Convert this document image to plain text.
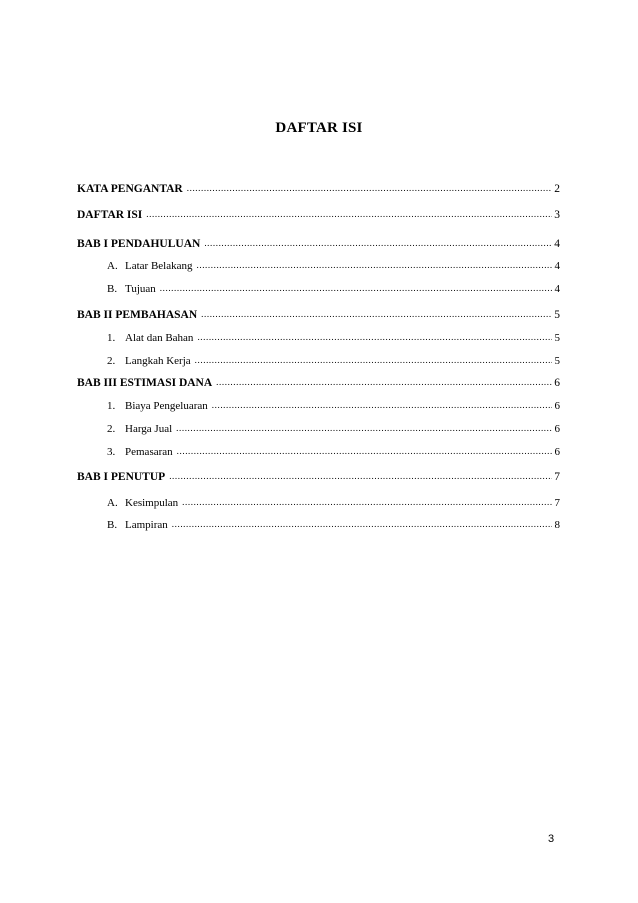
DAFTAR ISI
KATA PENGANTAR .....	2
DAFTAR ISI .....	3
BAB I PENDAHULUAN .....	4
A. Latar Belakang .....	4
B. Tujuan .....	4
BAB II PEMBAHASAN .....	5
1. Alat dan Bahan .....	5
2. Langkah Kerja .....	5
BAB III ESTIMASI DANA .....	6
1. Biaya Pengeluaran .....	6
2. Harga Jual .....	6
3. Pemasaran .....	6
BAB I PENUTUP .....	7
A. Kesimpulan .....	7
B. Lampiran .....	8
3
